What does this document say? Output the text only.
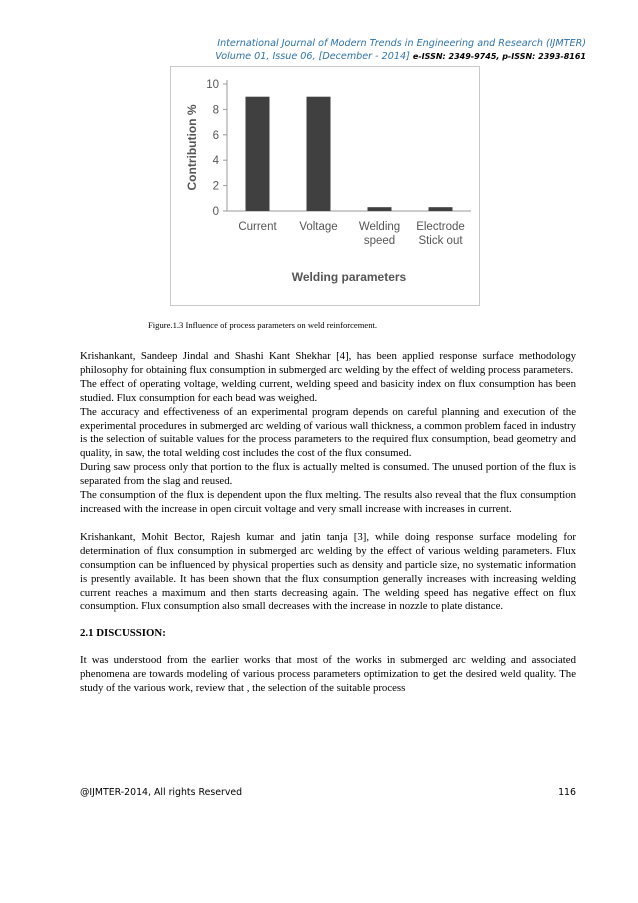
International Journal of Modern Trends in Engineering and Research (IJMTER)
Volume 01, Issue 06, [December - 2014] e-ISSN: 2349-9745, p-ISSN: 2393-8161
0
2
4
6
8
10
Contribution %
Current Voltage Welding
speed
Electrode
Stick out
Welding parameters
Figure.1.3 Influence of process parameters on weld reinforcement.

Krishankant, Sandeep Jindal and Shashi Kant Shekhar [4], has been applied response surface methodology philosophy for obtaining flux consumption in submerged arc welding by the effect of welding process parameters.

The effect of operating voltage, welding current, welding speed and basicity index on flux consumption has been studied. Flux consumption for each bead was weighed.

The accuracy and effectiveness of an experimental program depends on careful planning and execution of the experimental procedures in submerged arc welding of various wall thickness, a common problem faced in industry is the selection of suitable values for the process parameters to the required flux consumption, bead geometry and quality, in saw, the total welding cost includes the cost of the flux consumed.

During saw process only that portion to the flux is actually melted is consumed. The unused portion of the flux is separated from the slag and reused.

The consumption of the flux is dependent upon the flux melting. The results also reveal that the flux consumption increased with the increase in open circuit voltage and very small increase with increases in current.

Krishankant, Mohit Bector, Rajesh kumar and jatin tanja [3], while doing response surface modeling for determination of flux consumption in submerged arc welding by the effect of various welding parameters. Flux consumption can be influenced by physical properties such as density and particle size, no systematic information is presently available. It has been shown that the flux consumption generally increases with increasing welding current reaches a maximum and then starts decreasing again. The welding speed has negative effect on flux consumption. Flux consumption also small decreases with the increase in nozzle to plate distance.

2.1 DISCUSSION:

It was understood from the earlier works that most of the works in submerged arc welding and associated phenomena are towards modeling of various process parameters optimization to get the desired weld quality. The study of the various work, review that , the selection of the suitable process

@IJMTER-2014, All rights Reserved	116
